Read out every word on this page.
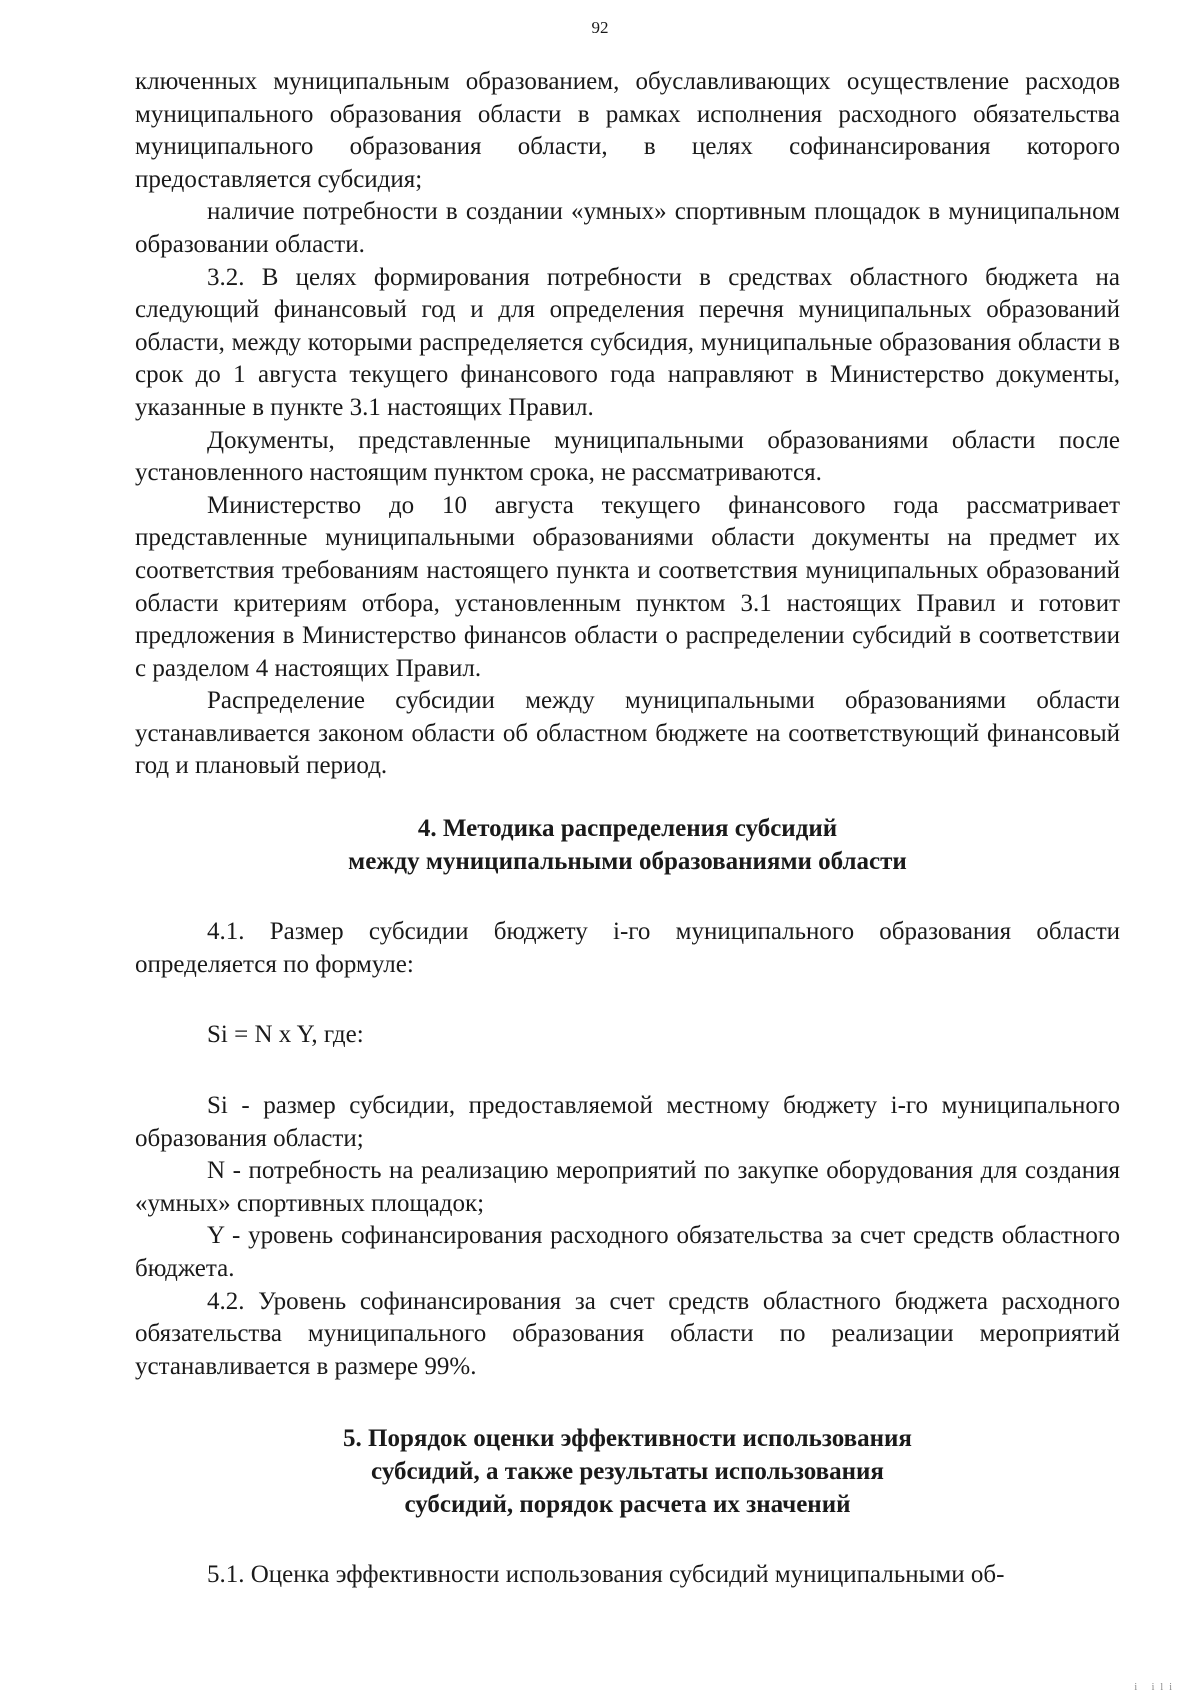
92

ключенных муниципальным образованием, обуславливающих осуществление расходов муниципального образования области в рамках исполнения расходного обязательства муниципального образования области, в целях софинансирования которого предоставляется субсидия;

наличие потребности в создании «умных» спортивным площадок в муниципальном образовании области.

3.2. В целях формирования потребности в средствах областного бюджета на следующий финансовый год и для определения перечня муниципальных образований области, между которыми распределяется субсидия, муниципальные образования области в срок до 1 августа текущего финансового года направляют в Министерство документы, указанные в пункте 3.1 настоящих Правил.

Документы, представленные муниципальными образованиями области после установленного настоящим пунктом срока, не рассматриваются.

Министерство до 10 августа текущего финансового года рассматривает представленные муниципальными образованиями области документы на предмет их соответствия требованиям настоящего пункта и соответствия муниципальных образований области критериям отбора, установленным пунктом 3.1 настоящих Правил и готовит предложения в Министерство финансов области о распределении субсидий в соответствии с разделом 4 настоящих Правил.

Распределение субсидии между муниципальными образованиями области устанавливается законом области об областном бюджете на соответствующий финансовый год и плановый период.

4. Методика распределения субсидий
между муниципальными образованиями области

4.1. Размер субсидии бюджету i-го муниципального образования области определяется по формуле:

Si = N x Y, где:

Si - размер субсидии, предоставляемой местному бюджету i-го муниципального образования области;

N - потребность на реализацию мероприятий по закупке оборудования для создания «умных» спортивных площадок;

Y - уровень софинансирования расходного обязательства за счет средств областного бюджета.

4.2. Уровень софинансирования за счет средств областного бюджета расходного обязательства муниципального образования области по реализации мероприятий устанавливается в размере 99%.

5. Порядок оценки эффективности использования
субсидий, а также результаты использования
субсидий, порядок расчета их значений

5.1. Оценка эффективности использования субсидий муниципальными об-

i ili
